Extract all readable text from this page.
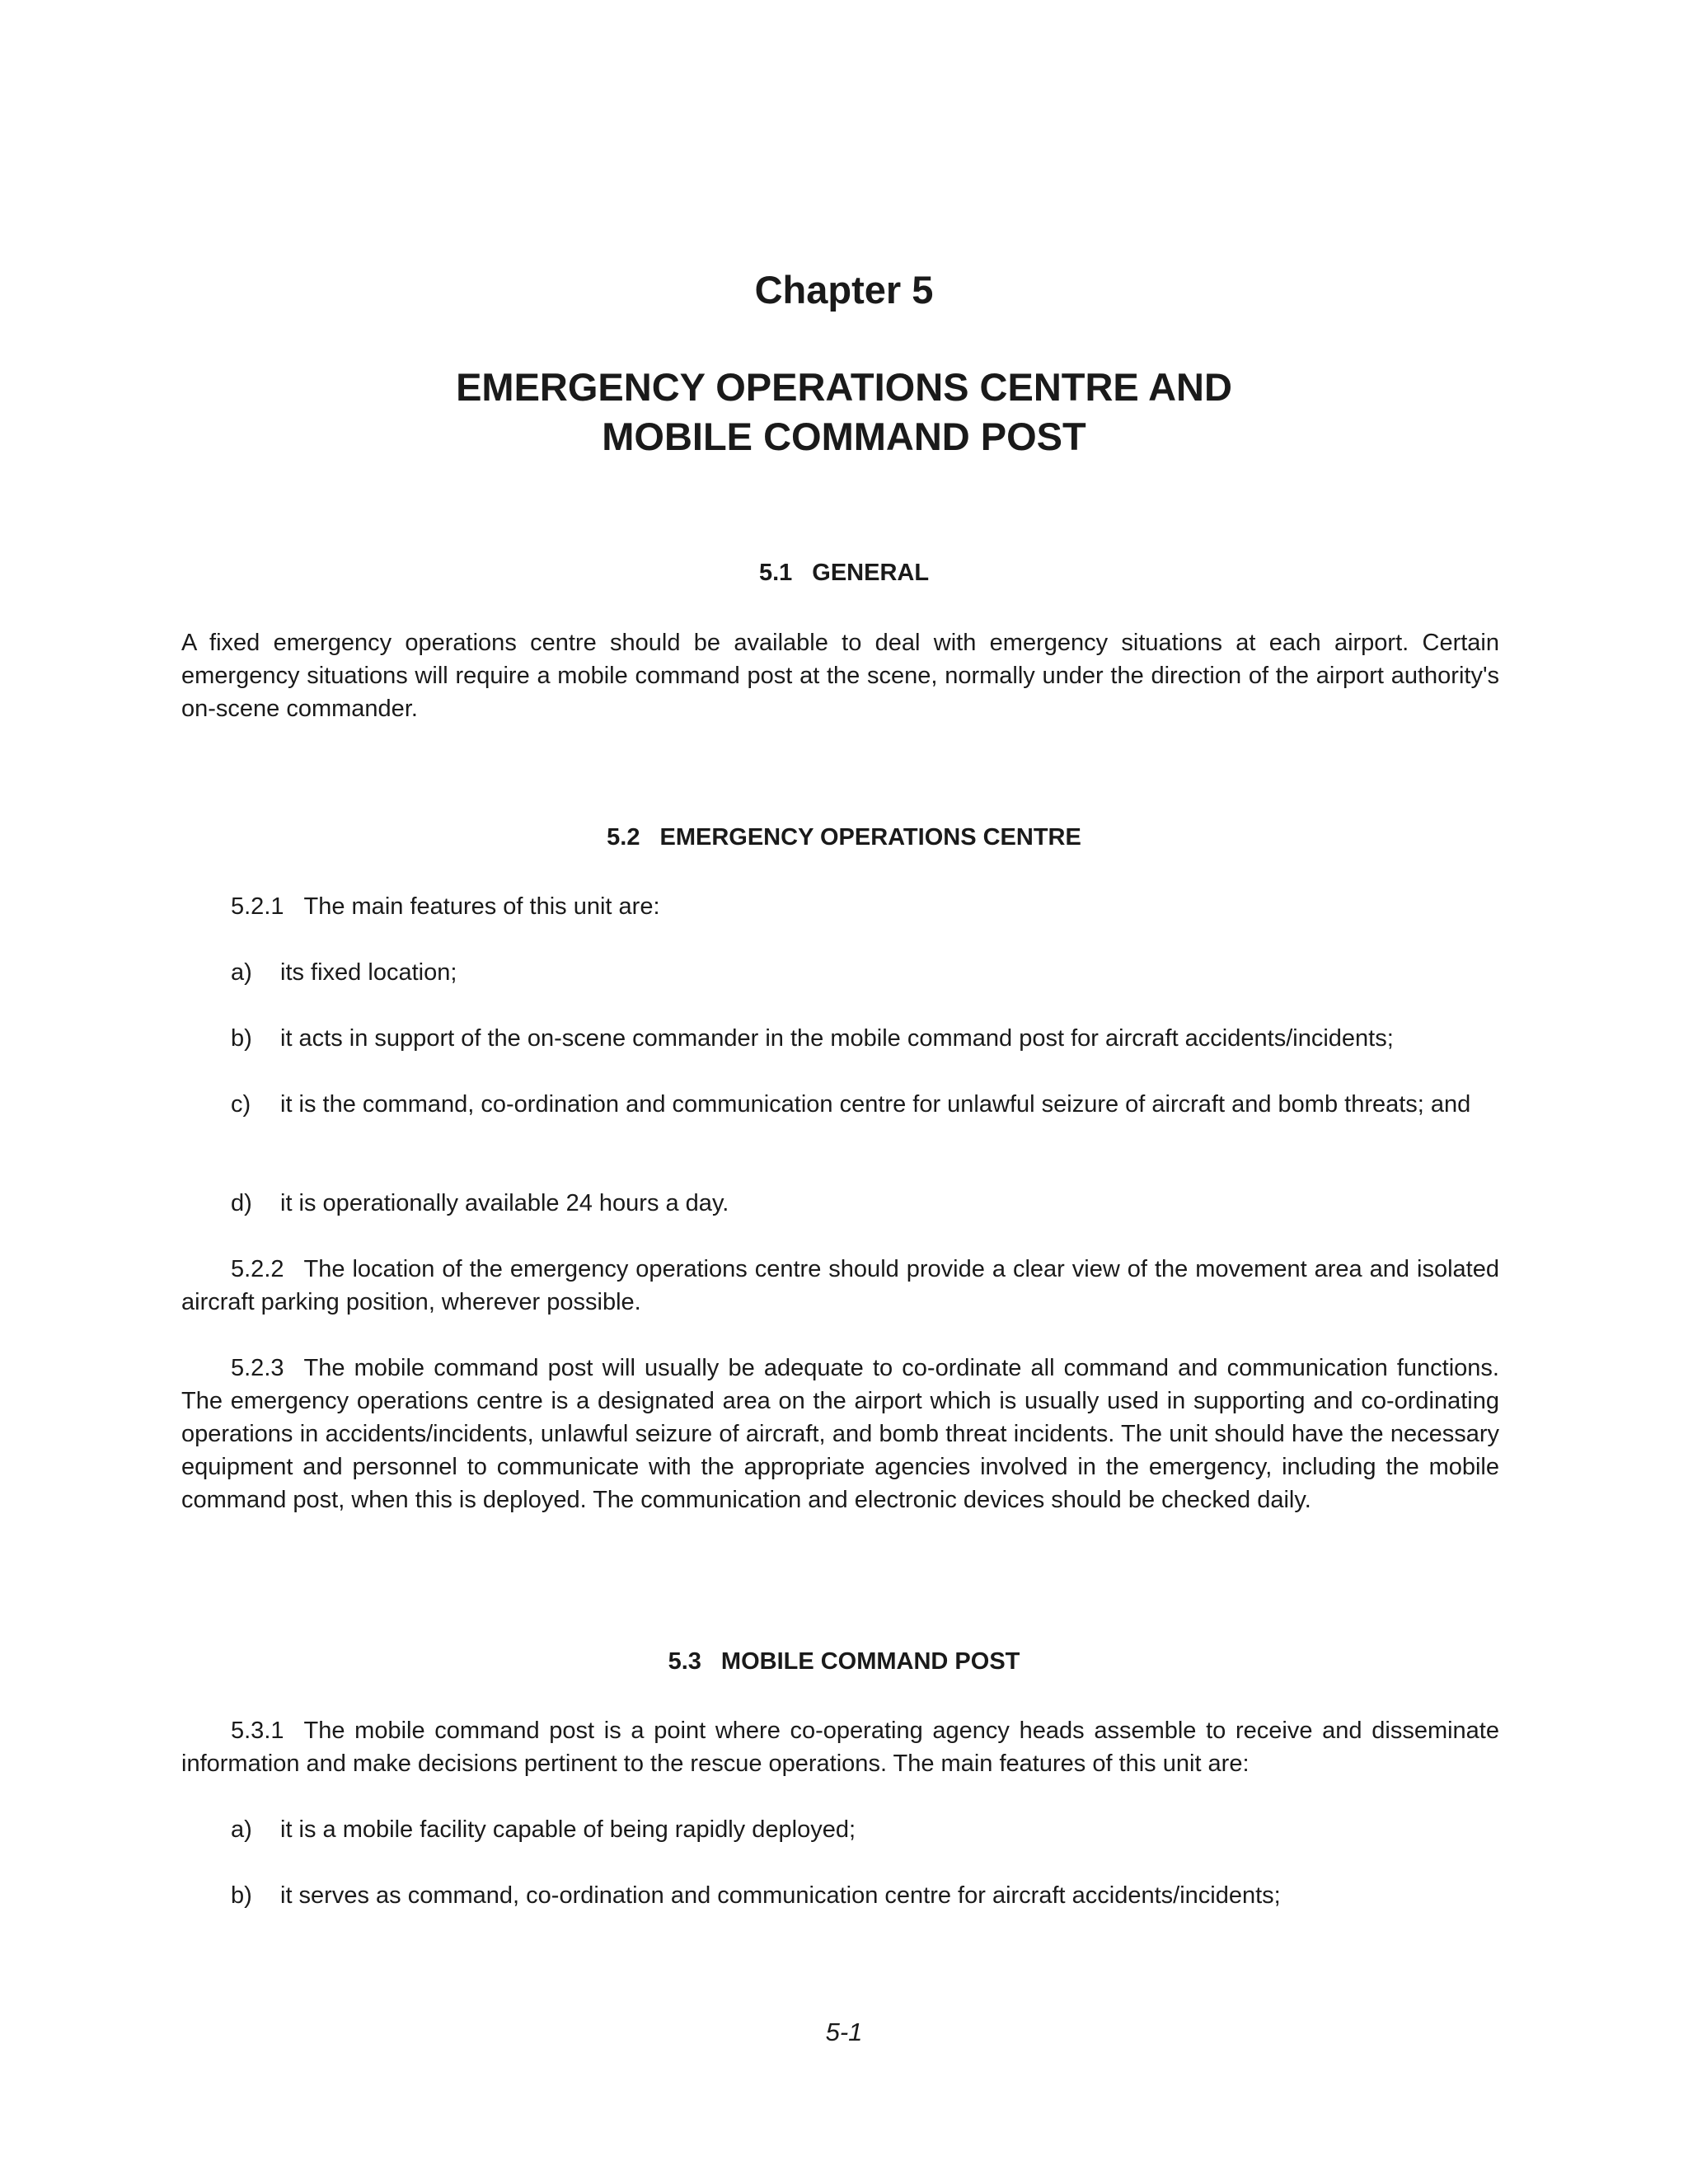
Chapter 5
EMERGENCY OPERATIONS CENTRE AND
MOBILE COMMAND POST
5.1 GENERAL
A fixed emergency operations centre should be available to deal with emergency situations at each airport. Certain emergency situations will require a mobile command post at the scene, normally under the direction of the airport authority's on-scene commander.
5.2 EMERGENCY OPERATIONS CENTRE
5.2.1 The main features of this unit are:
a) its fixed location;
b) it acts in support of the on-scene commander in the mobile command post for aircraft accidents/incidents;
c) it is the command, co-ordination and communication centre for unlawful seizure of aircraft and bomb threats; and
d) it is operationally available 24 hours a day.
5.2.2 The location of the emergency operations centre should provide a clear view of the movement area and isolated aircraft parking position, wherever possible.
5.2.3 The mobile command post will usually be adequate to co-ordinate all command and communication functions. The emergency operations centre is a designated area on the airport which is usually used in supporting and co-ordinating operations in accidents/incidents, unlawful seizure of aircraft, and bomb threat incidents. The unit should have the necessary equipment and personnel to communicate with the appropriate agencies involved in the emergency, including the mobile command post, when this is deployed. The communication and electronic devices should be checked daily.
5.3 MOBILE COMMAND POST
5.3.1 The mobile command post is a point where co-operating agency heads assemble to receive and disseminate information and make decisions pertinent to the rescue operations. The main features of this unit are:
a) it is a mobile facility capable of being rapidly deployed;
b) it serves as command, co-ordination and communication centre for aircraft accidents/incidents;
5-1
